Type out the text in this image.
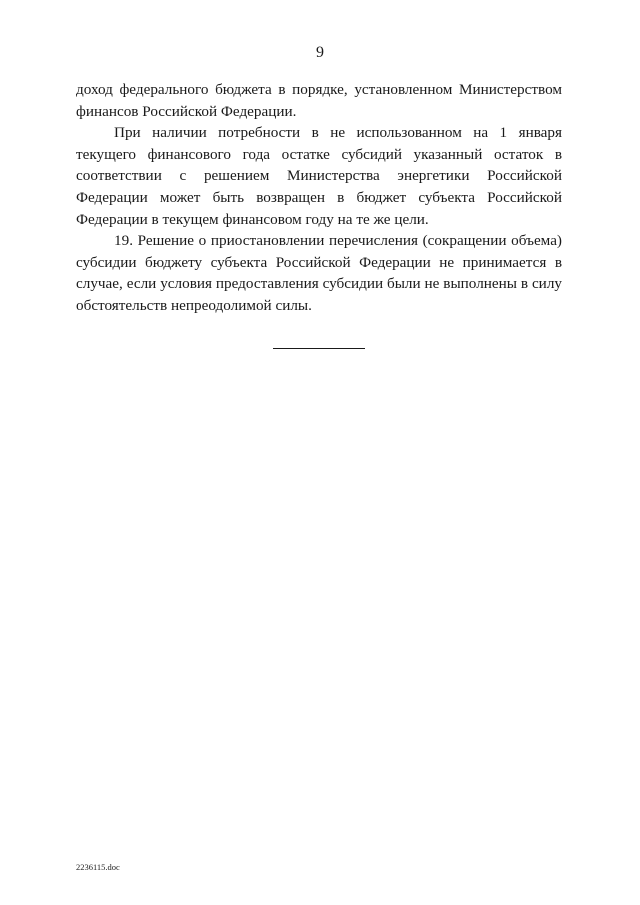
9

доход федерального бюджета в порядке, установленном Министерством финансов Российской Федерации.

При наличии потребности в не использованном на 1 января текущего финансового года остатке субсидий указанный остаток в соответствии с решением Министерства энергетики Российской Федерации может быть возвращен в бюджет субъекта Российской Федерации в текущем финансовом году на те же цели.

19. Решение о приостановлении перечисления (сокращении объема) субсидии бюджету субъекта Российской Федерации не принимается в случае, если условия предоставления субсидии были не выполнены в силу обстоятельств непреодолимой силы.

2236115.doc
